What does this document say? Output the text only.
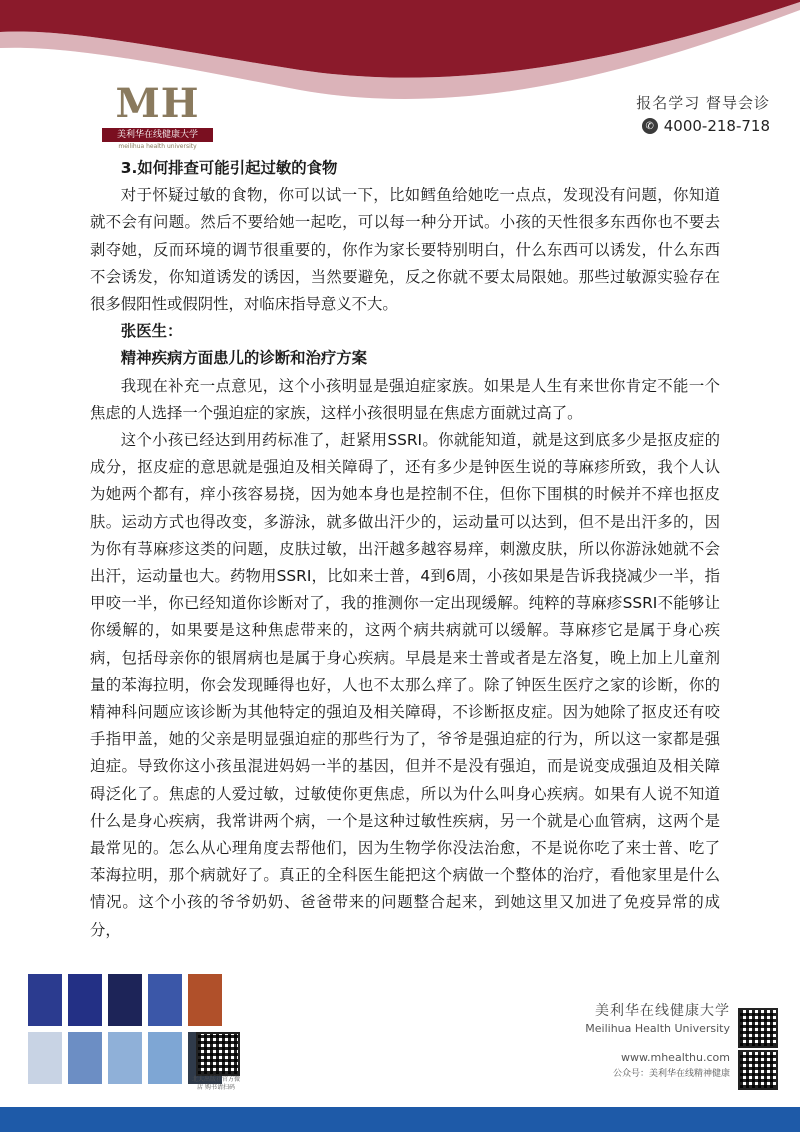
MH
美利华在线健康大学
meilihua health university
报名学习 督导会诊
✆ 4000-218-718
3.如何排查可能引起过敏的食物

对于怀疑过敏的食物，你可以试一下，比如鳕鱼给她吃一点点，发现没有问题，你知道就不会有问题。然后不要给她一起吃，可以每一种分开试。小孩的天性很多东西你也不要去剥夺她，反而环境的调节很重要的，你作为家长要特别明白，什么东西可以诱发，什么东西不会诱发，你知道诱发的诱因，当然要避免，反之你就不要太局限她。那些过敏源实验存在很多假阳性或假阴性，对临床指导意义不大。

张医生：
精神疾病方面患儿的诊断和治疗方案

我现在补充一点意见，这个小孩明显是强迫症家族。如果是人生有来世你肯定不能一个焦虑的人选择一个强迫症的家族，这样小孩很明显在焦虑方面就过高了。

这个小孩已经达到用药标准了，赶紧用SSRI。你就能知道，就是这到底多少是抠皮症的成分，抠皮症的意思就是强迫及相关障碍了，还有多少是钟医生说的荨麻疹所致，我个人认为她两个都有，痒小孩容易挠，因为她本身也是控制不住，但你下围棋的时候并不痒也抠皮肤。运动方式也得改变，多游泳，就多做出汗少的，运动量可以达到，但不是出汗多的，因为你有荨麻疹这类的问题，皮肤过敏，出汗越多越容易痒，刺激皮肤，所以你游泳她就不会出汗，运动量也大。药物用SSRI，比如来士普，4到6周，小孩如果是告诉我挠减少一半，指甲咬一半，你已经知道你诊断对了，我的推测你一定出现缓解。纯粹的荨麻疹SSRI不能够让你缓解的，如果要是这种焦虑带来的，这两个病共病就可以缓解。荨麻疹它是属于身心疾病，包括母亲你的银屑病也是属于身心疾病。早晨是来士普或者是左洛复，晚上加上儿童剂量的苯海拉明，你会发现睡得也好，人也不太那么痒了。除了钟医生医疗之家的诊断，你的精神科问题应该诊断为其他特定的强迫及相关障碍，不诊断抠皮症。因为她除了抠皮还有咬手指甲盖，她的父亲是明显强迫症的那些行为了，爷爷是强迫症的行为，所以这一家都是强迫症。导致你这小孩虽混进妈妈一半的基因，但并不是没有强迫，而是说变成强迫及相关障碍泛化了。焦虑的人爱过敏，过敏使你更焦虑，所以为什么叫身心疾病。如果有人说不知道什么是身心疾病，我常讲两个病，一个是这种过敏性疾病，另一个就是心血管病，这两个是最常见的。怎么从心理角度去帮他们，因为生物学你没法治愈，不是说你吃了来士普、吃了苯海拉明，那个病就好了。真正的全科医生能把这个病做一个整体的治疗，看他家里是什么情况。这个小孩的爷爷奶奶、爸爸带来的问题整合起来，到她这里又加进了免疫异常的成分，

北大出版社官方微店 购书请扫码
美利华在线健康大学
Meilihua Health University
www.mhealthu.com
公众号：美利华在线精神健康
